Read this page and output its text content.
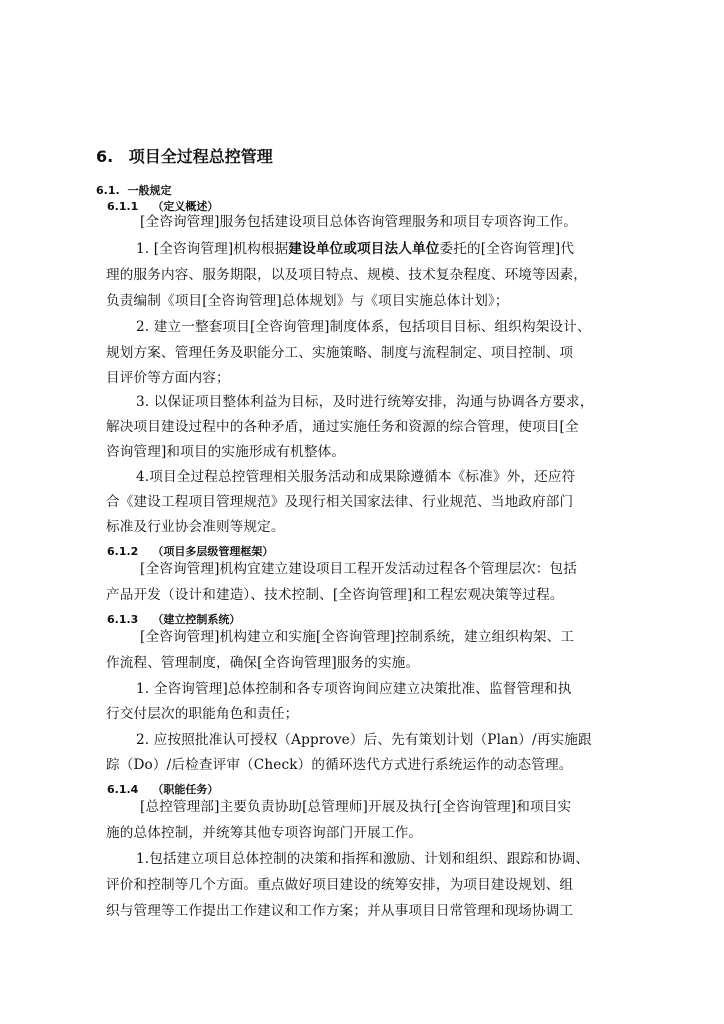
6. 项目全过程总控管理
6.1. 一般规定
6.1.1 （定义概述）
[全咨询管理]服务包括建设项目总体咨询管理服务和项目专项咨询工作。
1. [全咨询管理]机构根据建设单位或项目法人单位委托的[全咨询管理]代
理的服务内容、服务期限，以及项目特点、规模、技术复杂程度、环境等因素，
负责编制《项目[全咨询管理]总体规划》与《项目实施总体计划》；
2. 建立一整套项目[全咨询管理]制度体系，包括项目目标、组织构架设计、
规划方案、管理任务及职能分工、实施策略、制度与流程制定、项目控制、项
目评价等方面内容；
3. 以保证项目整体利益为目标，及时进行统筹安排，沟通与协调各方要求，
解决项目建设过程中的各种矛盾，通过实施任务和资源的综合管理，使项目[全
咨询管理]和项目的实施形成有机整体。
4.项目全过程总控管理相关服务活动和成果除遵循本《标准》外，还应符
合《建设工程项目管理规范》及现行相关国家法律、行业规范、当地政府部门
标准及行业协会准则等规定。
6.1.2 （项目多层级管理框架）
[全咨询管理]机构宜建立建设项目工程开发活动过程各个管理层次：包括
产品开发（设计和建造）、技术控制、[全咨询管理]和工程宏观决策等过程。
6.1.3 （建立控制系统）
[全咨询管理]机构建立和实施[全咨询管理]控制系统，建立组织构架、工
作流程、管理制度，确保[全咨询管理]服务的实施。
1. 全咨询管理]总体控制和各专项咨询间应建立决策批准、监督管理和执
行交付层次的职能角色和责任；
2. 应按照批准认可授权（Approve）后、先有策划计划（Plan）/再实施跟
踪（Do）/后检查评审（Check）的循环迭代方式进行系统运作的动态管理。
6.1.4 （职能任务）
[总控管理部]主要负责协助[总管理师]开展及执行[全咨询管理]和项目实
施的总体控制，并统筹其他专项咨询部门开展工作。
1.包括建立项目总体控制的决策和指挥和激励、计划和组织、跟踪和协调、
评价和控制等几个方面。重点做好项目建设的统筹安排，为项目建设规划、组
织与管理等工作提出工作建议和工作方案；并从事项目日常管理和现场协调工
